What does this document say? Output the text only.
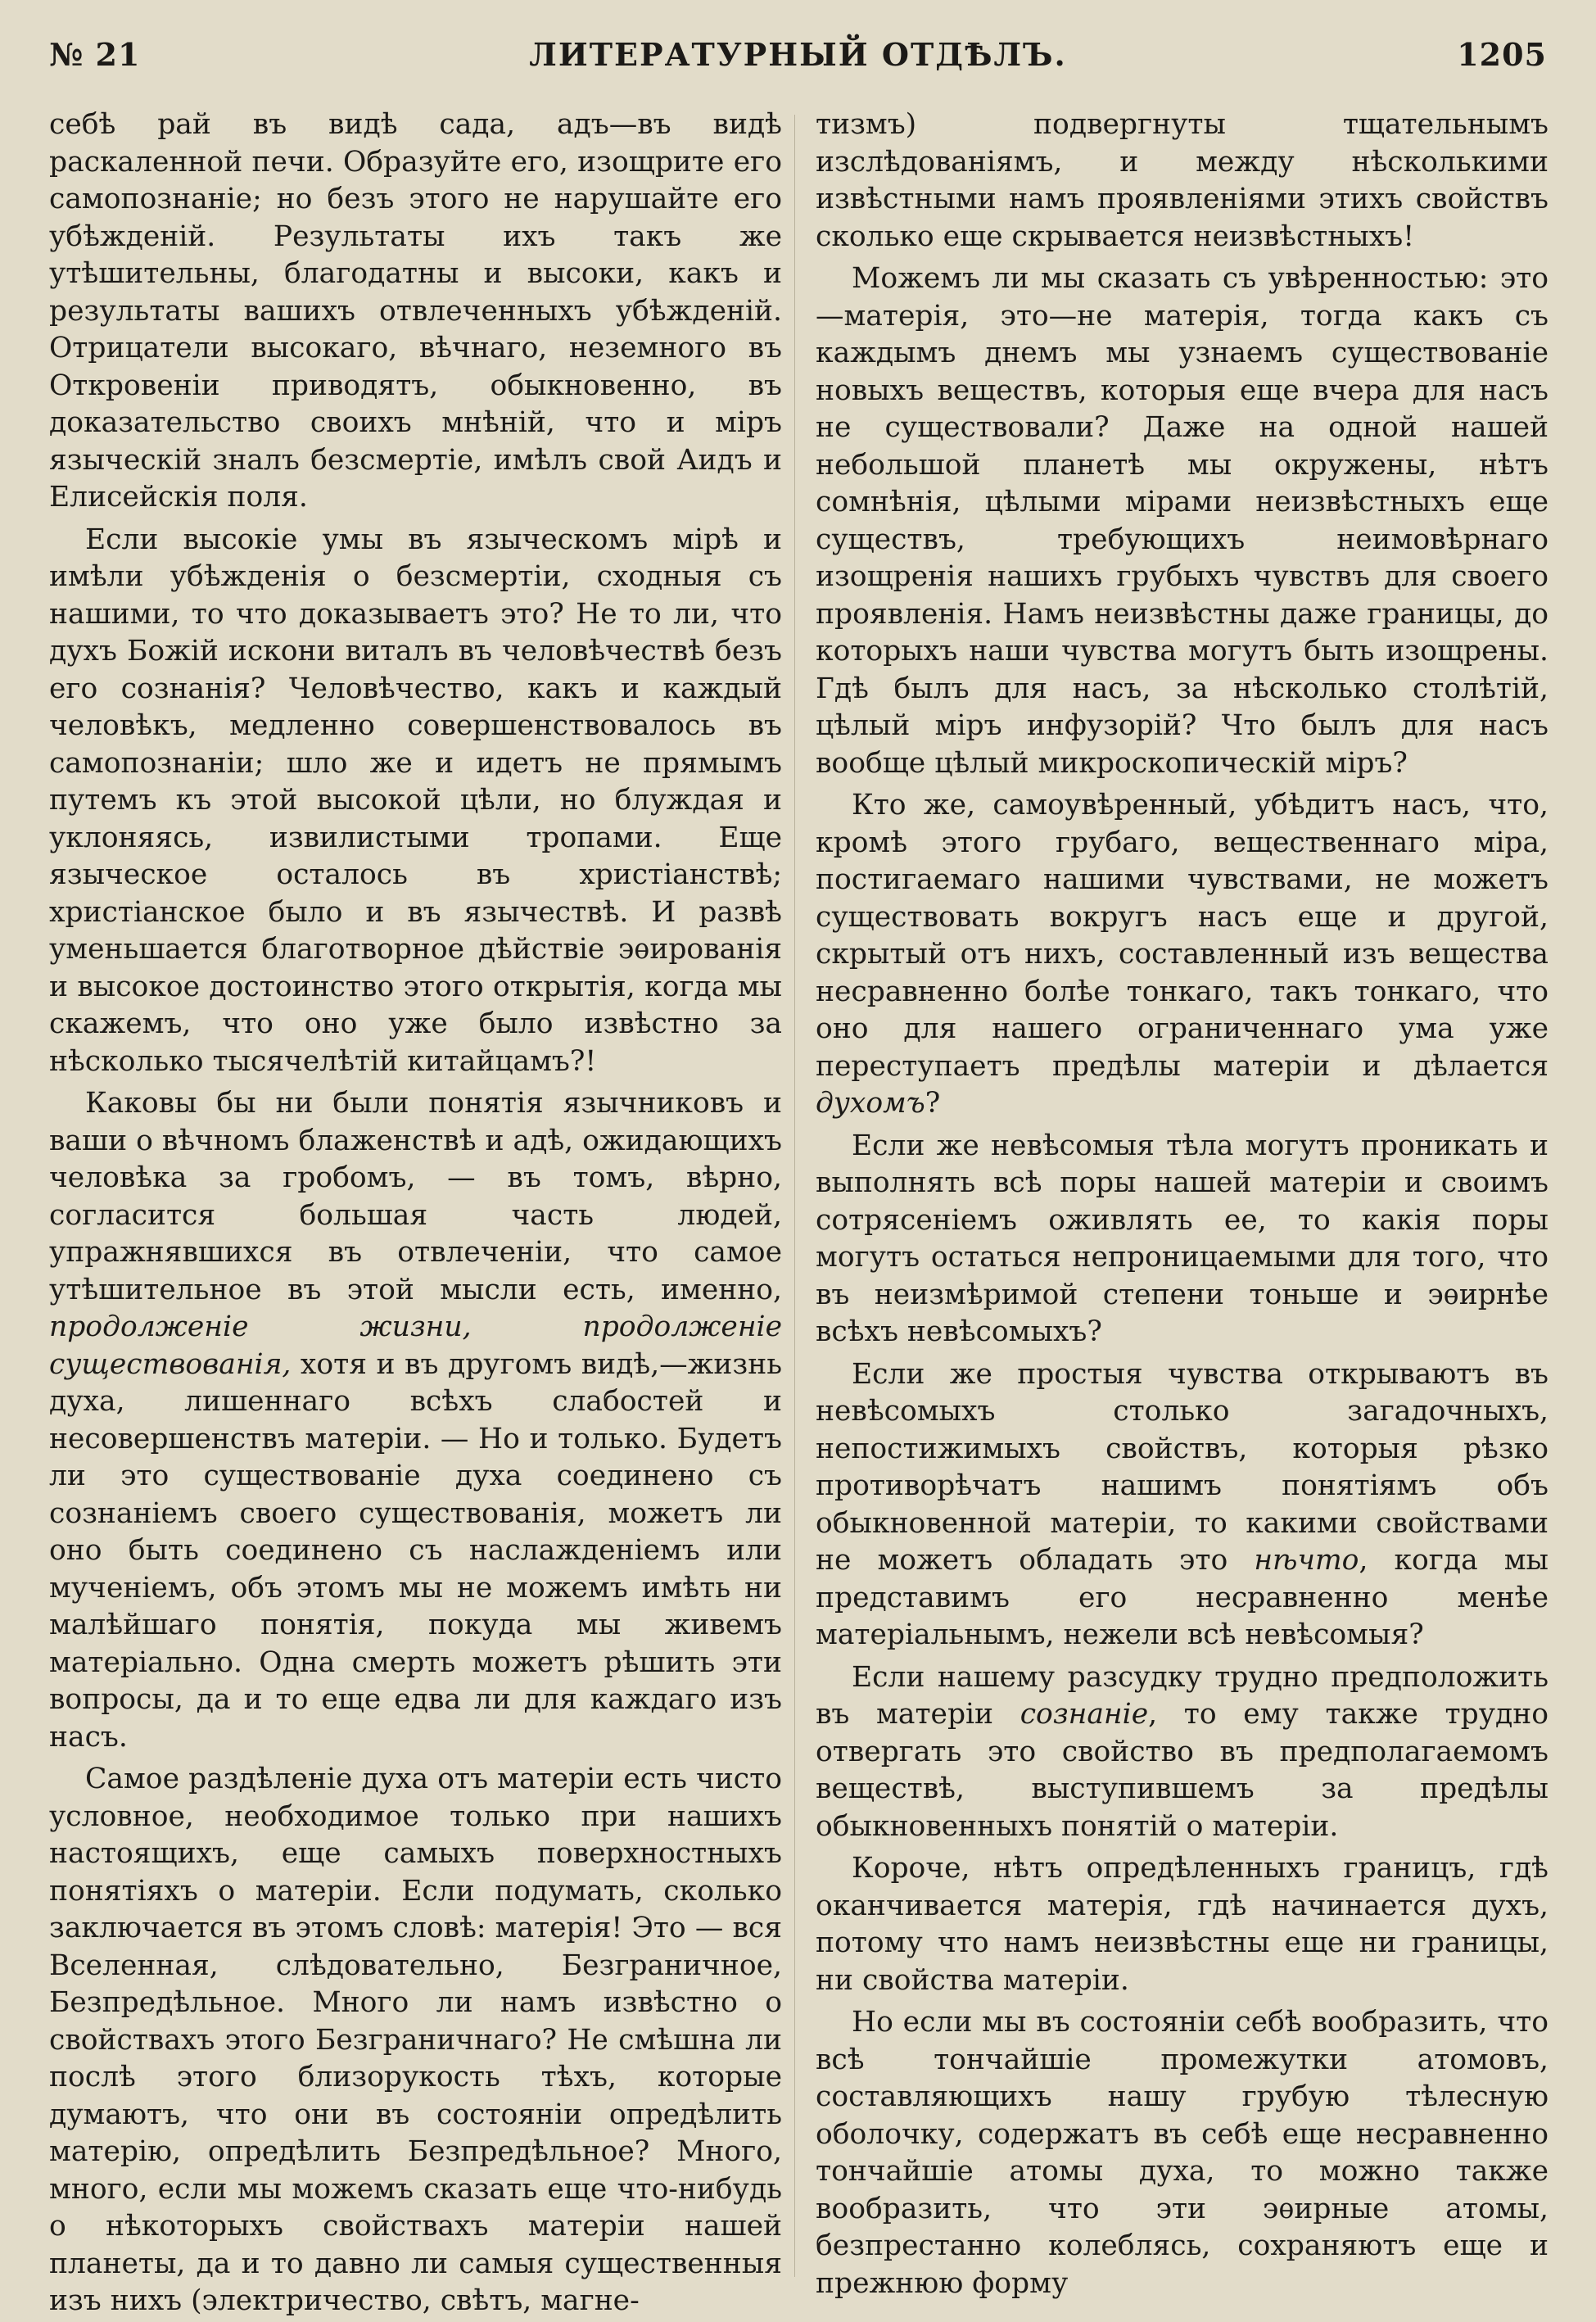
№ 21	ЛИТЕРАТУРНЫЙ ОТДѢЛЪ.	1205

себѣ рай въ видѣ сада, адъ—въ видѣ раскаленной печи. Образуйте его, изощрите его самопознаніе; но безъ этого не нарушайте его убѣжденій. Результаты ихъ такъ же утѣшительны, благодатны и высоки, какъ и результаты вашихъ отвлеченныхъ убѣжденій. Отрицатели высокаго, вѣчнаго, неземного въ Откровеніи приводятъ, обыкновенно, въ доказательство своихъ мнѣній, что и міръ языческій зналъ безсмертіе, имѣлъ свой Аидъ и Елисейскія поля.

Если высокіе умы въ языческомъ мірѣ и имѣли убѣжденія о безсмертіи, сходныя съ нашими, то что доказываетъ это? Не то ли, что духъ Божій искони виталъ въ человѣчествѣ безъ его сознанія? Человѣчество, какъ и каждый человѣкъ, медленно совершенствовалось въ самопознаніи; шло же и идетъ не прямымъ путемъ къ этой высокой цѣли, но блуждая и уклоняясь, извилистыми тропами. Еще языческое осталось въ христіанствѣ; христіанское было и въ язычествѣ. И развѣ уменьшается благотворное дѣйствіе эѳированія и высокое достоинство этого открытія, когда мы скажемъ, что оно уже было извѣстно за нѣсколько тысячелѣтій китайцамъ?!

Каковы бы ни были понятія язычниковъ и ваши о вѣчномъ блаженствѣ и адѣ, ожидающихъ человѣка за гробомъ, — въ томъ, вѣрно, согласится большая часть людей, упражнявшихся въ отвлеченіи, что самое утѣшительное въ этой мысли есть, именно, продолженіе жизни, продолженіе существованія, хотя и въ другомъ видѣ,—жизнь духа, лишеннаго всѣхъ слабостей и несовершенствъ матеріи. — Но и только. Будетъ ли это существованіе духа соединено съ сознаніемъ своего существованія, можетъ ли оно быть соединено съ наслажденіемъ или мученіемъ, объ этомъ мы не можемъ имѣть ни малѣйшаго понятія, покуда мы живемъ матеріально. Одна смерть можетъ рѣшить эти вопросы, да и то еще едва ли для каждаго изъ насъ.

Самое раздѣленіе духа отъ матеріи есть чисто условное, необходимое только при нашихъ настоящихъ, еще самыхъ поверхностныхъ понятіяхъ о матеріи. Если подумать, сколько заключается въ этомъ словѣ: матерія! Это — вся Вселенная, слѣдовательно, Безграничное, Безпредѣльное. Много ли намъ извѣстно о свойствахъ этого Безграничнаго? Не смѣшна ли послѣ этого близорукость тѣхъ, которые думаютъ, что они въ состояніи опредѣлить матерію, опредѣлить Безпредѣльное? Много, много, если мы можемъ сказать еще что-нибудь о нѣкоторыхъ свойствахъ матеріи нашей планеты, да и то давно ли самыя существенныя изъ нихъ (электричество, свѣтъ, магне-

тизмъ) подвергнуты тщательнымъ изслѣдованіямъ, и между нѣсколькими извѣстными намъ проявленіями этихъ свойствъ сколько еще скрывается неизвѣстныхъ!

Можемъ ли мы сказать съ увѣренностью: это—матерія, это—не матерія, тогда какъ съ каждымъ днемъ мы узнаемъ существованіе новыхъ веществъ, которыя еще вчера для насъ не существовали? Даже на одной нашей небольшой планетѣ мы окружены, нѣтъ сомнѣнія, цѣлыми мірами неизвѣстныхъ еще существъ, требующихъ неимовѣрнаго изощренія нашихъ грубыхъ чувствъ для своего проявленія. Намъ неизвѣстны даже границы, до которыхъ наши чувства могутъ быть изощрены. Гдѣ былъ для насъ, за нѣсколько столѣтій, цѣлый міръ инфузорій? Что былъ для насъ вообще цѣлый микроскопическій міръ?

Кто же, самоувѣренный, убѣдитъ насъ, что, кромѣ этого грубаго, вещественнаго міра, постигаемаго нашими чувствами, не можетъ существовать вокругъ насъ еще и другой, скрытый отъ нихъ, составленный изъ вещества несравненно болѣе тонкаго, такъ тонкаго, что оно для нашего ограниченнаго ума уже переступаетъ предѣлы матеріи и дѣлается духомъ?

Если же невѣсомыя тѣла могутъ проникать и выполнять всѣ поры нашей матеріи и своимъ сотрясеніемъ оживлять ее, то какія поры могутъ остаться непроницаемыми для того, что въ неизмѣримой степени тоньше и эѳирнѣе всѣхъ невѣсомыхъ?

Если же простыя чувства открываютъ въ невѣсомыхъ столько загадочныхъ, непостижимыхъ свойствъ, которыя рѣзко противорѣчатъ нашимъ понятіямъ объ обыкновенной матеріи, то какими свойствами не можетъ обладать это нѣчто, когда мы представимъ его несравненно менѣе матеріальнымъ, нежели всѣ невѣсомыя?

Если нашему разсудку трудно предположить въ матеріи сознаніе, то ему также трудно отвергать это свойство въ предполагаемомъ веществѣ, выступившемъ за предѣлы обыкновенныхъ понятій о матеріи.

Короче, нѣтъ опредѣленныхъ границъ, гдѣ оканчивается матерія, гдѣ начинается духъ, потому что намъ неизвѣстны еще ни границы, ни свойства матеріи.

Но если мы въ состояніи себѣ вообразить, что всѣ тончайшіе промежутки атомовъ, составляющихъ нашу грубую тѣлесную оболочку, содержатъ въ себѣ еще несравненно тончайшіе атомы духа, то можно также вообразить, что эти эѳирные атомы, безпрестанно колеблясь, сохраняютъ еще и прежнюю форму
